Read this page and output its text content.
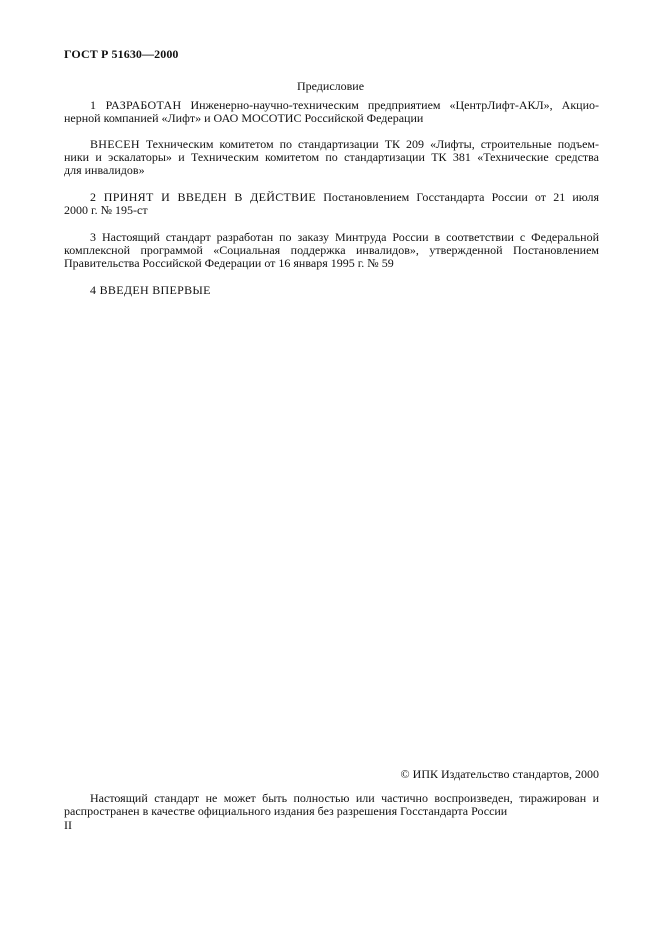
ГОСТ Р 51630—2000
Предисловие
1 РАЗРАБОТАН Инженерно-научно-техническим предприятием «ЦентрЛифт-АКЛ», Акцио-
нерной компанией «Лифт» и ОАО МОСОТИС Российской Федерации
ВНЕСЕН Техническим комитетом по стандартизации ТК 209 «Лифты, строительные подъем-
ники и эскалаторы» и Техническим комитетом по стандартизации ТК 381 «Технические средства
для инвалидов»
2 ПРИНЯТ И ВВЕДЕН В ДЕЙСТВИЕ Постановлением Госстандарта России от 21 июля
2000 г. № 195-ст
3 Настоящий стандарт разработан по заказу Минтруда России в соответствии с Федеральной
комплексной программой «Социальная поддержка инвалидов», утвержденной Постановлением
Правительства Российской Федерации от 16 января 1995 г. № 59
4 ВВЕДЕН ВПЕРВЫЕ
© ИПК Издательство стандартов, 2000
Настоящий стандарт не может быть полностью или частично воспроизведен, тиражирован и
распространен в качестве официального издания без разрешения Госстандарта России
II
